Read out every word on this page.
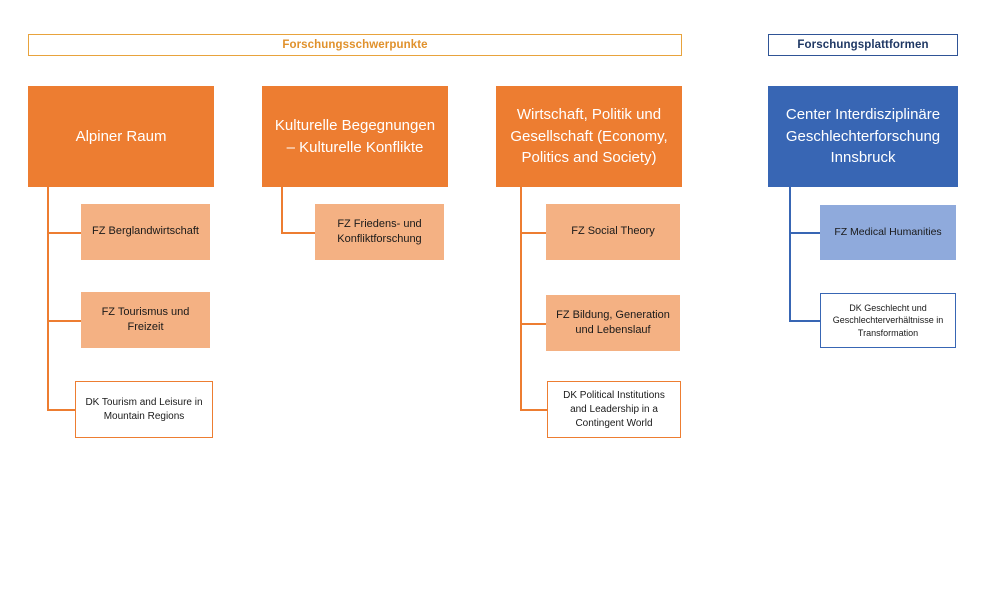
Forschungsschwerpunkte	Forschungsplattformen
Alpiner Raum
FZ Berglandwirtschaft
FZ Tourismus und Freizeit
DK Tourism and Leisure in Mountain Regions
Kulturelle Begegnungen – Kulturelle Konflikte
FZ Friedens- und Konfliktforschung
Wirtschaft, Politik und Gesellschaft (Economy, Politics and Society)
FZ Social Theory
FZ Bildung, Generation und Lebenslauf
DK Political Institutions and Leadership in a Contingent World
Center Interdisziplinäre Geschlechterforschung Innsbruck
FZ Medical Humanities
DK Geschlecht und Geschlechterverhältnisse in Transformation
